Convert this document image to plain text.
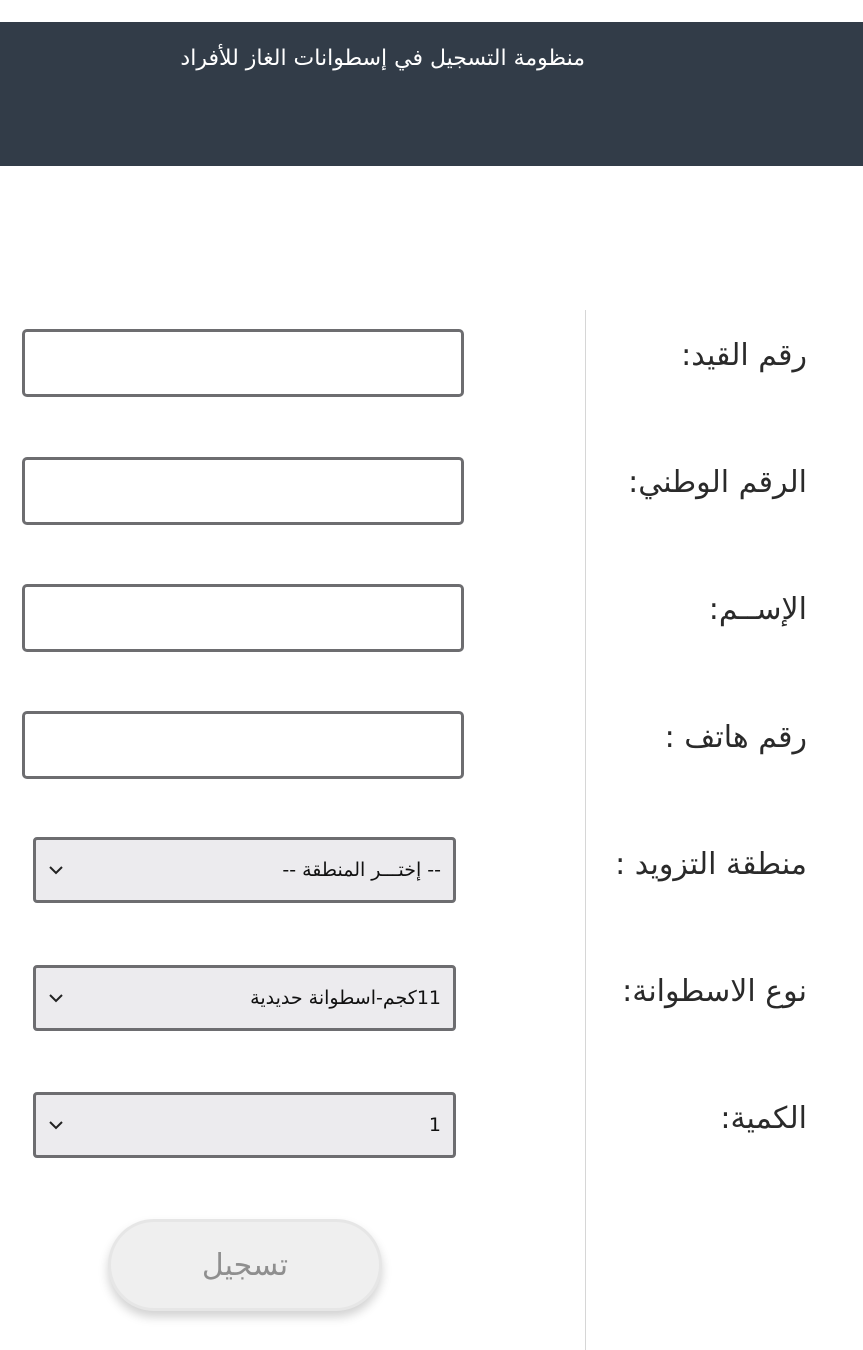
منظومة التسجيل في إسطوانات الغاز للأفراد
رقم القيد:
الرقم الوطني:
الإســم:
رقم هاتف :
منطقة التزويد :
-- إختـــر المنطقة --
نوع الاسطوانة:
11كجم-اسطوانة حديدية
الكمية:
1
تسجيل
